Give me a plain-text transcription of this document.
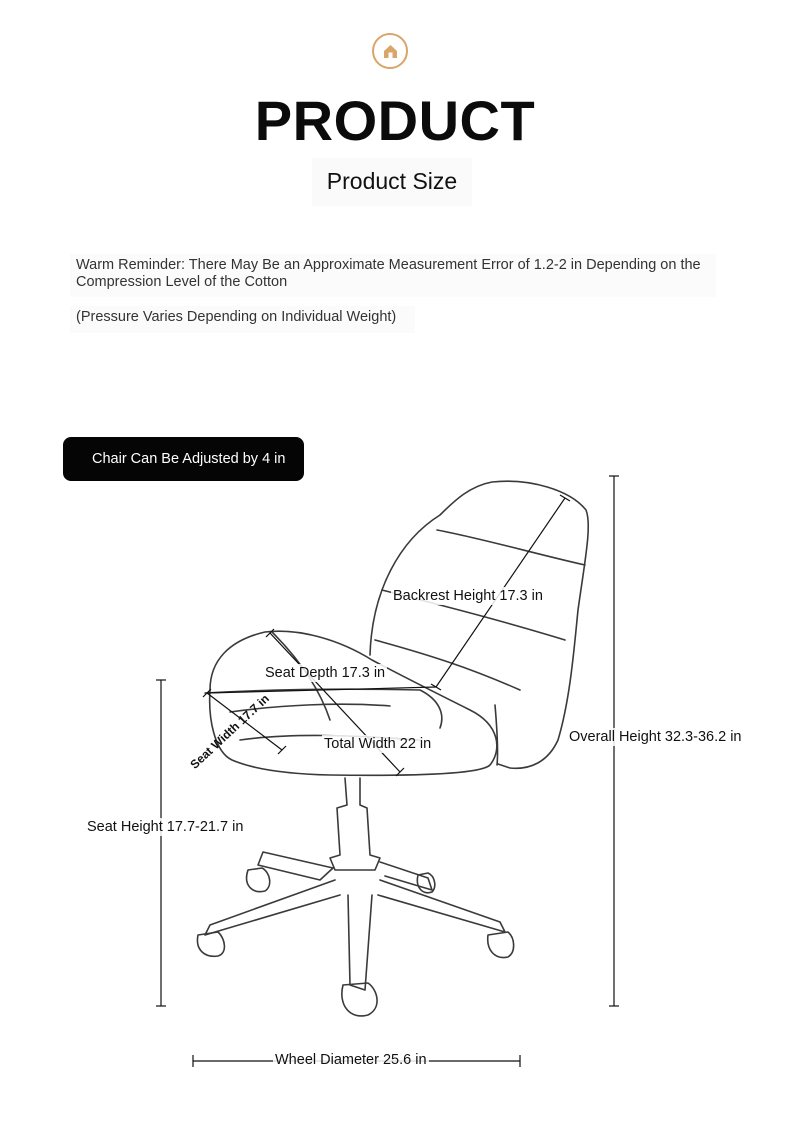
PRODUCT
Product Size
Warm Reminder: There May Be an Approximate Measurement Error of 1.2-2 in Depending on the Compression Level of the Cotton
(Pressure Varies Depending on Individual Weight)
Chair Can Be Adjusted by 4 in
Backrest Height 17.3 in
Seat Depth 17.3 in
Seat Width 17.7 in	Total Width 22 in	Overall Height 32.3-36.2 in
Seat Height 17.7-21.7 in
Wheel Diameter 25.6 in
